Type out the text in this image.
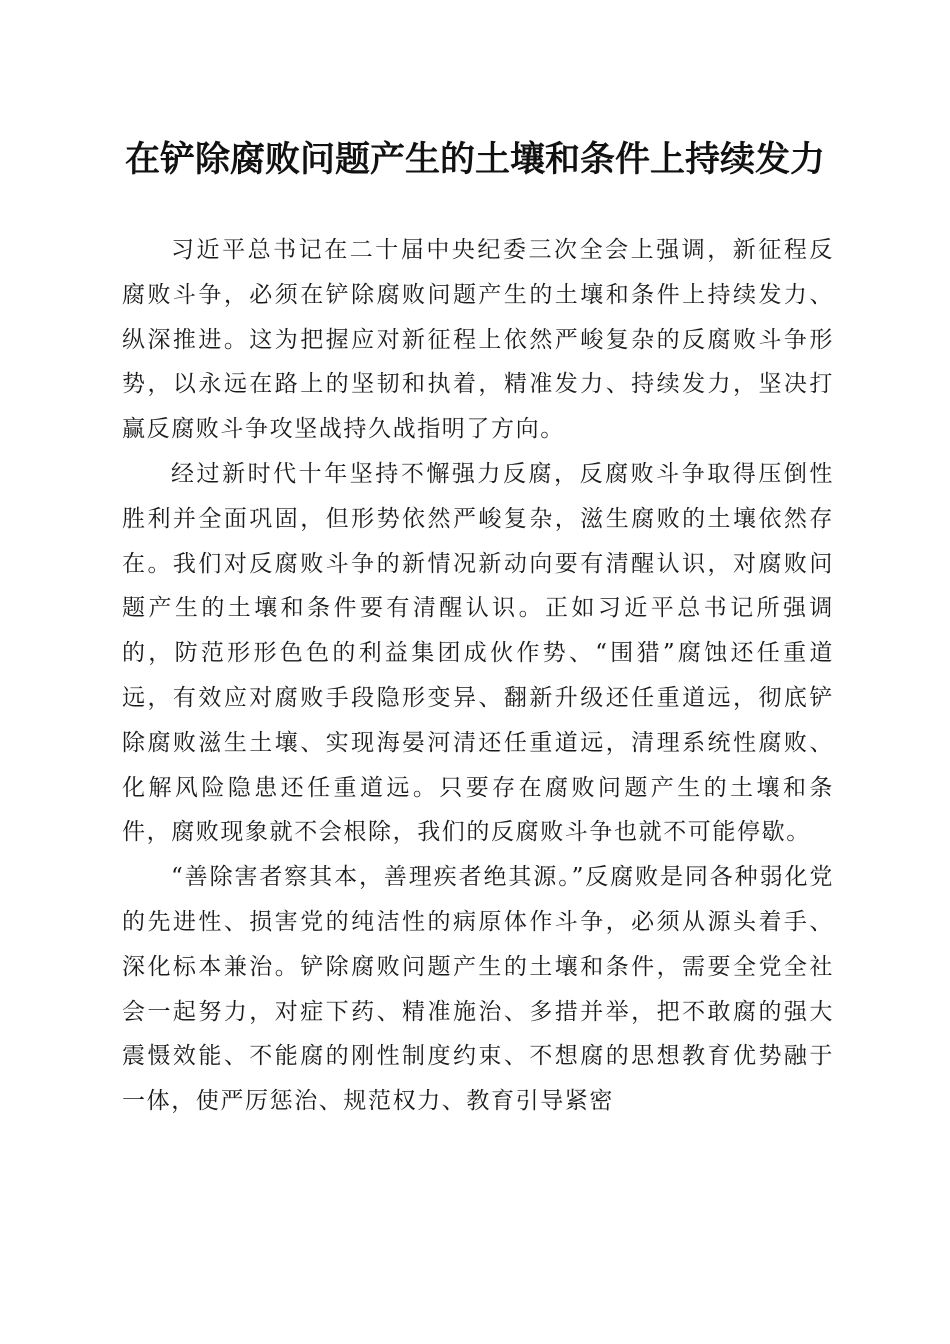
在铲除腐败问题产生的土壤和条件上持续发力

习近平总书记在二十届中央纪委三次全会上强调，新征程反腐败斗争，必须在铲除腐败问题产生的土壤和条件上持续发力、纵深推进。这为把握应对新征程上依然严峻复杂的反腐败斗争形势，以永远在路上的坚韧和执着，精准发力、持续发力，坚决打赢反腐败斗争攻坚战持久战指明了方向。

经过新时代十年坚持不懈强力反腐，反腐败斗争取得压倒性胜利并全面巩固，但形势依然严峻复杂，滋生腐败的土壤依然存在。我们对反腐败斗争的新情况新动向要有清醒认识，对腐败问题产生的土壤和条件要有清醒认识。正如习近平总书记所强调的，防范形形色色的利益集团成伙作势、“围猎”腐蚀还任重道远，有效应对腐败手段隐形变异、翻新升级还任重道远，彻底铲除腐败滋生土壤、实现海晏河清还任重道远，清理系统性腐败、化解风险隐患还任重道远。只要存在腐败问题产生的土壤和条件，腐败现象就不会根除，我们的反腐败斗争也就不可能停歇。

“善除害者察其本，善理疾者绝其源。”反腐败是同各种弱化党的先进性、损害党的纯洁性的病原体作斗争，必须从源头着手、深化标本兼治。铲除腐败问题产生的土壤和条件，需要全党全社会一起努力，对症下药、精准施治、多措并举，把不敢腐的强大震慑效能、不能腐的刚性制度约束、不想腐的思想教育优势融于一体，使严厉惩治、规范权力、教育引导紧密
